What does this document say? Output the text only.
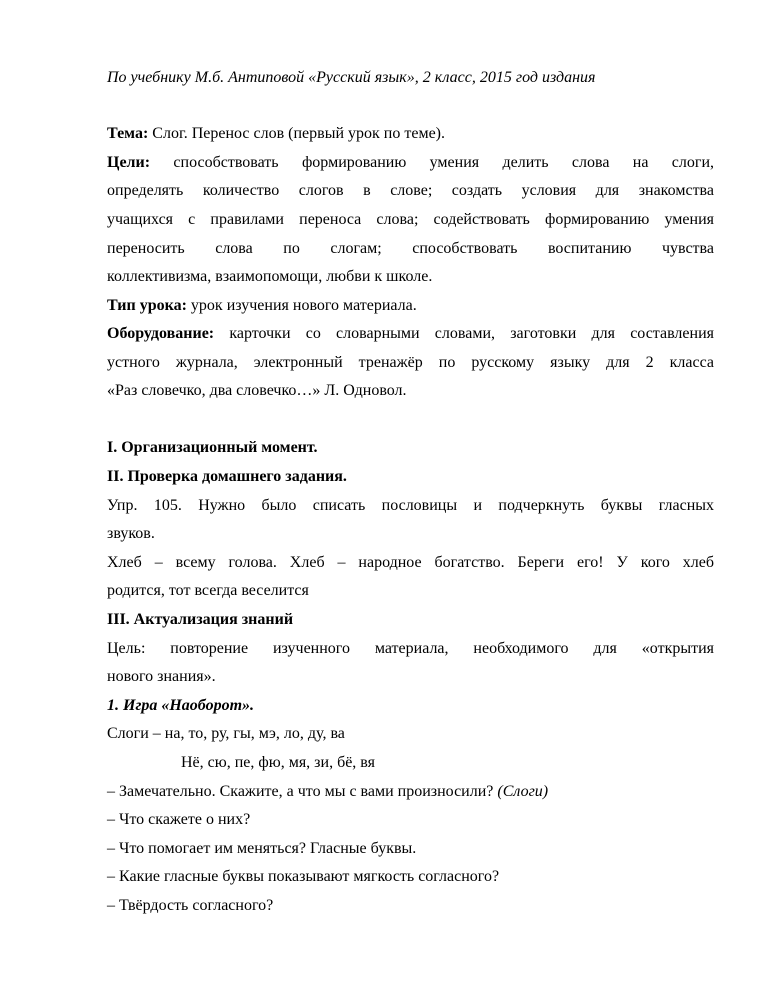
По учебнику М.б. Антиповой «Русский язык», 2 класс, 2015 год издания
Тема: Слог. Перенос слов (первый урок по теме).
Цели: способствовать формированию умения делить слова на слоги,
определять количество слогов в слове; создать условия для знакомства
учащихся с правилами переноса слова; содействовать формированию умения
переносить слова по слогам; способствовать воспитанию чувства
коллективизма, взаимопомощи, любви к школе.
Тип урока: урок изучения нового материала.
Оборудование: карточки со словарными словами, заготовки для составления
устного журнала, электронный тренажёр по русскому языку для 2 класса
«Раз словечко, два словечко…» Л. Одновол.
I. Организационный момент.
II. Проверка домашнего задания.
Упр. 105. Нужно было списать пословицы и подчеркнуть буквы гласных
звуков.
Хлеб – всему голова. Хлеб – народное богатство. Береги его! У кого хлеб
родится, тот всегда веселится
III. Актуализация знаний
Цель: повторение изученного материала, необходимого для «открытия
нового знания».
1. Игра «Наоборот».
Слоги – на, то, ру, гы, мэ, ло, ду, ва
Нё, сю, пе, фю, мя, зи, бё, вя
– Замечательно. Скажите, а что мы с вами произносили? (Слоги)
– Что скажете о них?
– Что помогает им меняться? Гласные буквы.
– Какие гласные буквы показывают мягкость согласного?
– Твёрдость согласного?
